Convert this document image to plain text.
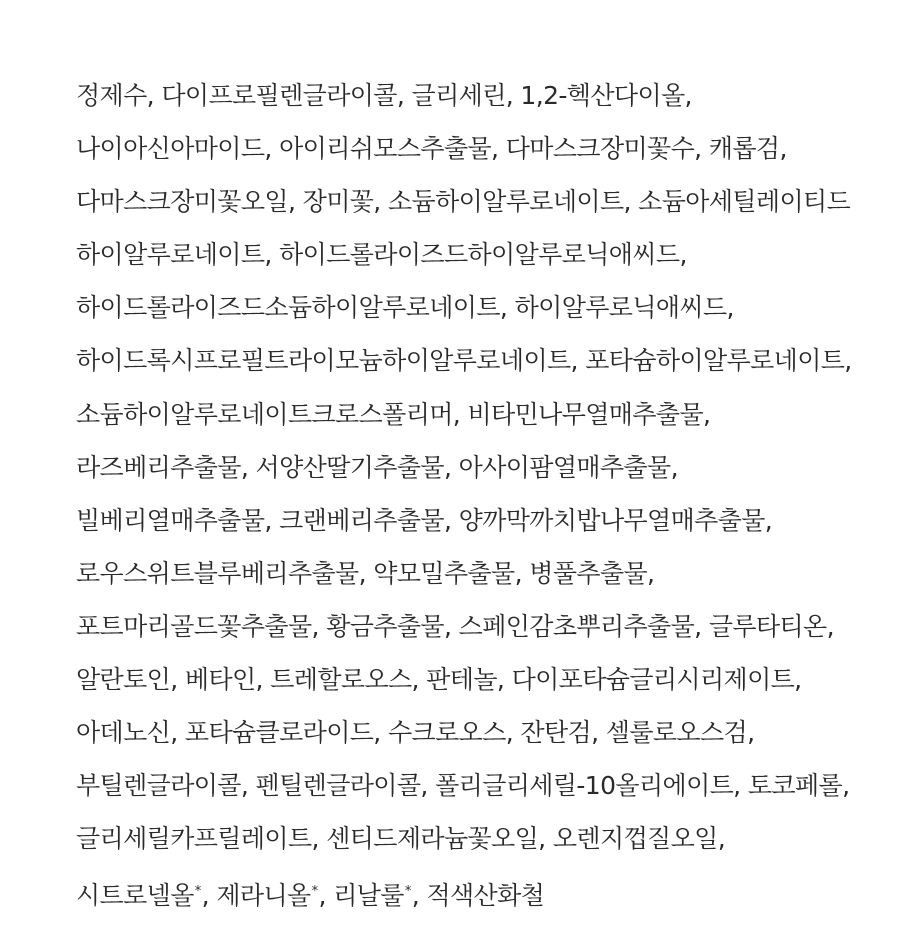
정제수, 다이프로필렌글라이콜, 글리세린, 1,2-헥산다이올,
나이아신아마이드, 아이리쉬모스추출물, 다마스크장미꽃수, 캐롭검,
다마스크장미꽃오일, 장미꽃, 소듐하이알루로네이트, 소듐아세틸레이티드
하이알루로네이트, 하이드롤라이즈드하이알루로닉애씨드,
하이드롤라이즈드소듐하이알루로네이트, 하이알루로닉애씨드,
하이드록시프로필트라이모늄하이알루로네이트, 포타슘하이알루로네이트,
소듐하이알루로네이트크로스폴리머, 비타민나무열매추출물,
라즈베리추출물, 서양산딸기추출물, 아사이팜열매추출물,
빌베리열매추출물, 크랜베리추출물, 양까막까치밥나무열매추출물,
로우스위트블루베리추출물, 약모밀추출물, 병풀추출물,
포트마리골드꽃추출물, 황금추출물, 스페인감초뿌리추출물, 글루타티온,
알란토인, 베타인, 트레할로오스, 판테놀, 다이포타슘글리시리제이트,
아데노신, 포타슘클로라이드, 수크로오스, 잔탄검, 셀룰로오스검,
부틸렌글라이콜, 펜틸렌글라이콜, 폴리글리세릴-10올리에이트, 토코페롤,
글리세릴카프릴레이트, 센티드제라늄꽃오일, 오렌지껍질오일,
시트로넬올*, 제라니올*, 리날룰*, 적색산화철
